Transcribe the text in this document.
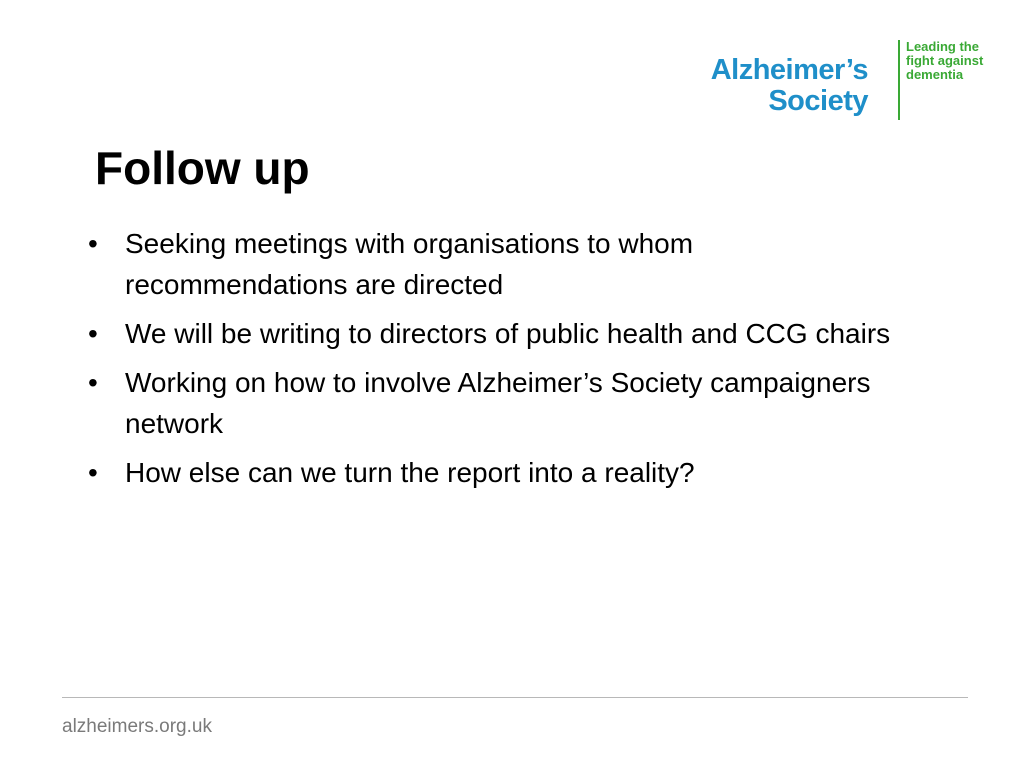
Alzheimer’s
Society
Leading the
fight against
dementia
Follow up
• Seeking meetings with organisations to whom recommendations are directed
• We will be writing to directors of public health and CCG chairs
• Working on how to involve Alzheimer’s Society campaigners network
• How else can we turn the report into a reality?
alzheimers.org.uk
